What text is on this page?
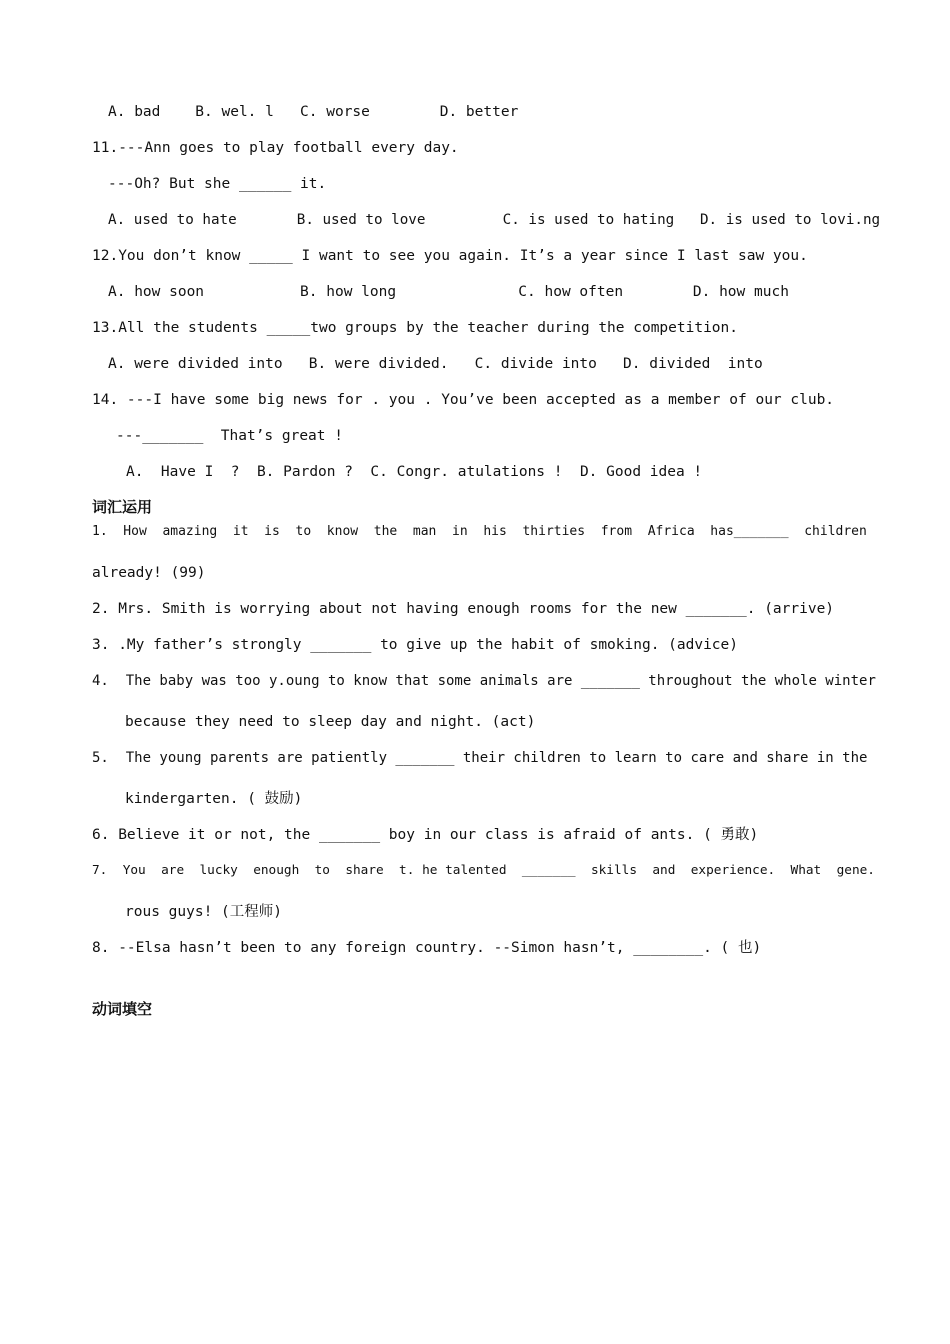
A. bad    B. wel. l   C. worse        D. better
11.---Ann goes to play football every day.
---Oh? But she ______ it.
A. used to hate       B. used to love         C. is used to hating   D. is used to lovi.ng
12.You don’t know _____ I want to see you again. It’s a year since I last saw you.
A. how soon           B. how long              C. how often        D. how much
13.All the students _____two groups by the teacher during the competition.
A. were divided into   B. were divided.   C. divide into   D. divided  into
14. ---I have some big news for . you . You’ve been accepted as a member of our club.
---_______  That’s great !
A.  Have I  ?  B. Pardon ?  C. Congr. atulations !  D. Good idea !
词汇运用
1.  How  amazing  it  is  to  know  the  man  in  his  thirties  from  Africa  has_______  children
already! (99)
2. Mrs. Smith is worrying about not having enough rooms for the new _______. (arrive)
3. .My father’s strongly _______ to give up the habit of smoking. (advice)
4.  The baby was too y.oung to know that some animals are _______ throughout the whole winter
because they need to sleep day and night. (act)
5.  The young parents are patiently _______ their children to learn to care and share in the
kindergarten. ( 鼓励)
6. Believe it or not, the _______ boy in our class is afraid of ants. ( 勇敢)
7.  You  are  lucky  enough  to  share  t. he talented  _______  skills  and  experience.  What  gene.
rous guys! (工程师)
8. --Elsa hasn’t been to any foreign country. --Simon hasn’t, ________. ( 也)
动词填空
